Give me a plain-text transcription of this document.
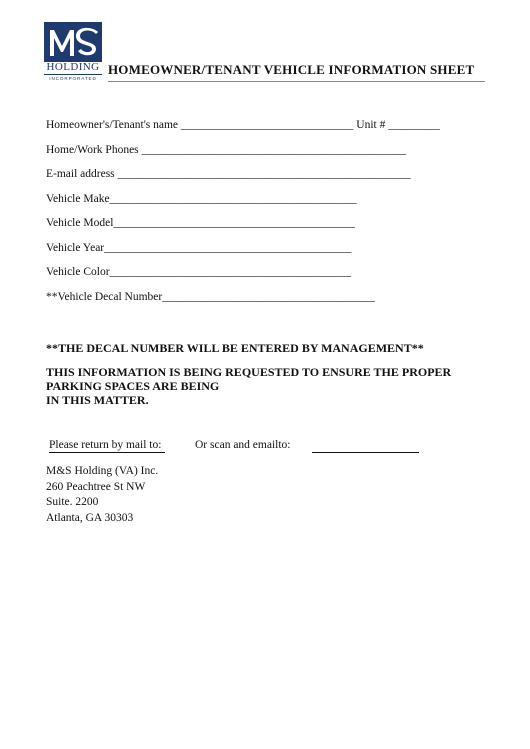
HOLDING
INCORPORATED
HOMEOWNER/TENANT VEHICLE INFORMATION SHEET
Homeowner's/Tenant's name ______________________________ Unit # _________
Home/Work Phones ______________________________________________
E-mail address ___________________________________________________
Vehicle Make___________________________________________
Vehicle Model__________________________________________
Vehicle Year___________________________________________
Vehicle Color__________________________________________
**Vehicle Decal Number_____________________________________
**THE DECAL NUMBER WILL BE ENTERED BY MANAGEMENT**
THIS INFORMATION IS BEING REQUESTED TO ENSURE THE PROPER
PARKING SPACES ARE BEING
IN THIS MATTER.
Please return by mail to:	Or scan and emailto:
M&S Holding (VA) Inc.
260 Peachtree St NW
Suite. 2200
Atlanta, GA 30303
